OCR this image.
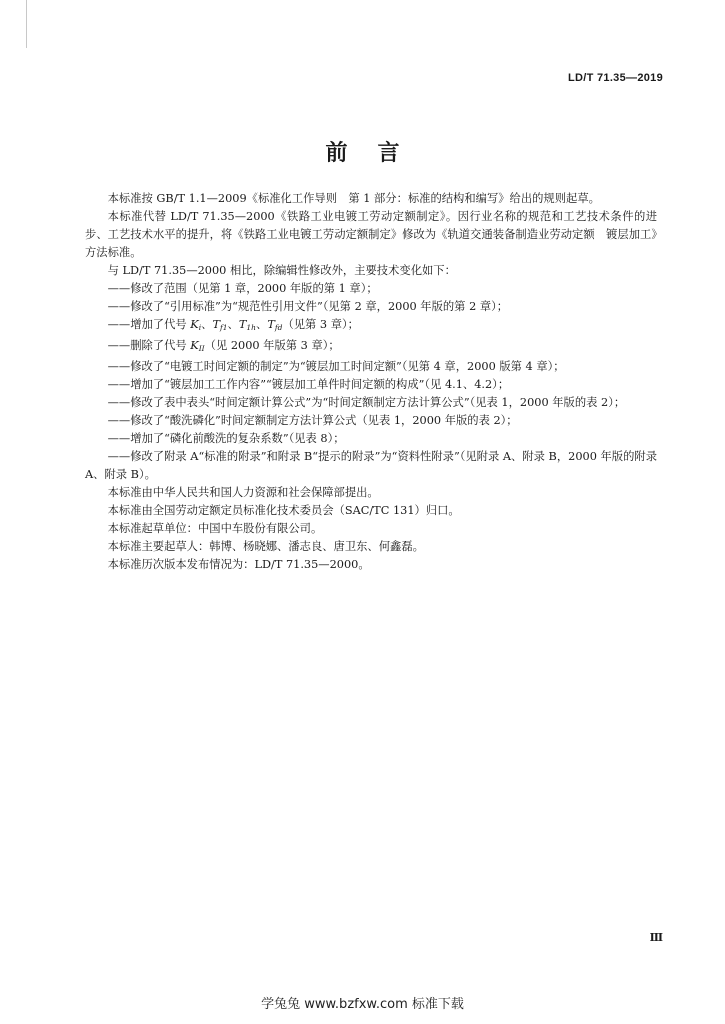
LD/T 71.35—2019
前言

本标准按 GB/T 1.1—2009《标准化工作导则　第 1 部分：标准的结构和编写》给出的规则起草。

本标准代替 LD/T 71.35—2000《铁路工业电镀工劳动定额制定》。因行业名称的规范和工艺技术条件的进步、工艺技术水平的提升，将《铁路工业电镀工劳动定额制定》修改为《轨道交通装备制造业劳动定额　镀层加工》方法标准。

与 LD/T 71.35—2000 相比，除编辑性修改外，主要技术变化如下：

——修改了范围（见第 1 章，2000 年版的第 1 章）；

——修改了“引用标准”为“规范性引用文件”（见第 2 章，2000 年版的第 2 章）；

——增加了代号 $K_i$、$T_{f1}$、$T_{1h}$、$T_{fd}$（见第 3 章）；

——删除了代号 $K_{II}$（见 2000 年版第 3 章）；

——修改了“电镀工时间定额的制定”为“镀层加工时间定额”（见第 4 章，2000 版第 4 章）；

——增加了“镀层加工工作内容”“镀层加工单件时间定额的构成”（见 4.1、4.2）；

——修改了表中表头“时间定额计算公式”为“时间定额制定方法计算公式”（见表 1，2000 年版的表 2）；

——修改了“酸洗磷化”时间定额制定方法计算公式（见表 1，2000 年版的表 2）；

——增加了“磷化前酸洗的复杂系数”（见表 8）；

——修改了附录 A“标准的附录”和附录 B“提示的附录”为“资料性附录”（见附录 A、附录 B，2000 年版的附录 A、附录 B）。

本标准由中华人民共和国人力资源和社会保障部提出。

本标准由全国劳动定额定员标准化技术委员会（SAC/TC 131）归口。

本标准起草单位：中国中车股份有限公司。

本标准主要起草人：韩博、杨晓娜、潘志良、唐卫东、何鑫磊。

本标准历次版本发布情况为：LD/T 71.35—2000。

Ⅲ
学兔兔 www.bzfxw.com 标准下载
